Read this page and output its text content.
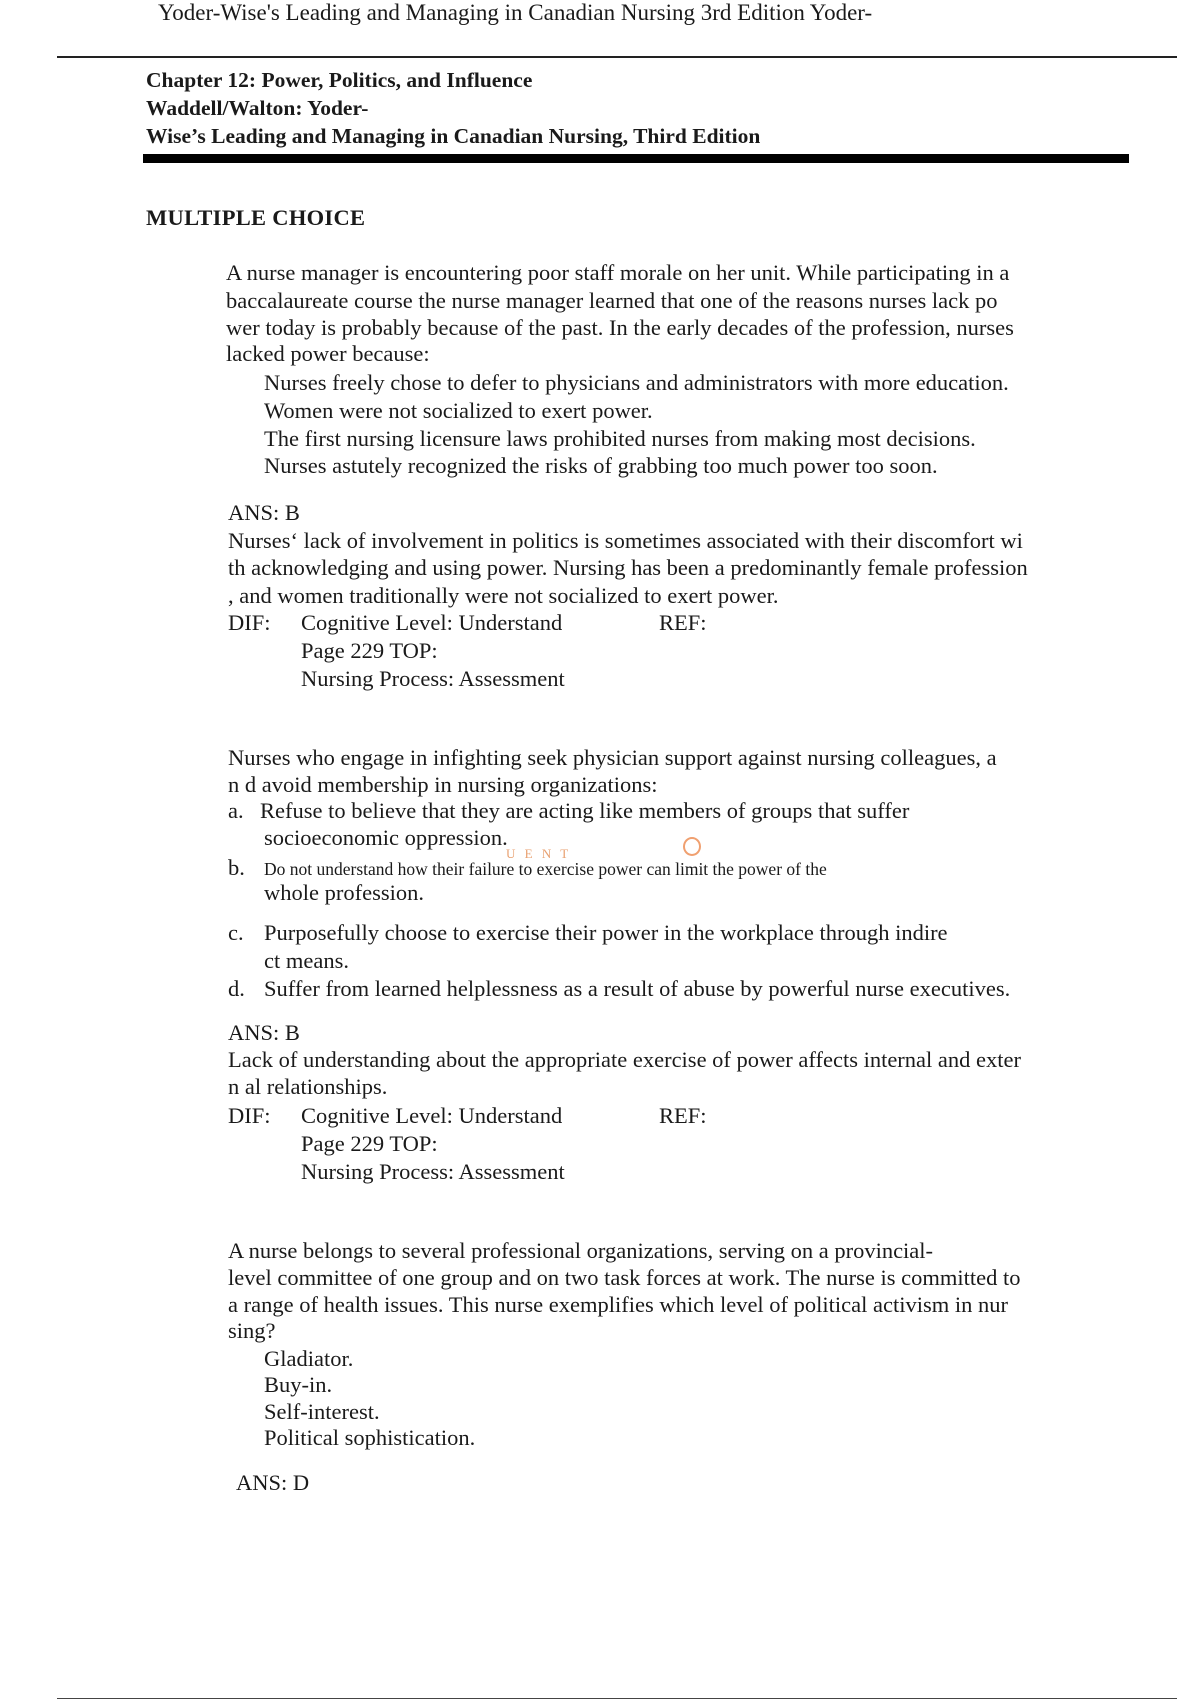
Yoder-Wise's Leading and Managing in Canadian Nursing 3rd Edition Yoder-
Chapter 12: Power, Politics, and Influence
Waddell/Walton: Yoder-
Wise’s Leading and Managing in Canadian Nursing, Third Edition
MULTIPLE CHOICE
A nurse manager is encountering poor staff morale on her unit. While participating in a
baccalaureate course the nurse manager learned that one of the reasons nurses lack po
wer today is probably because of the past. In the early decades of the profession, nurses
lacked power because:
Nurses freely chose to defer to physicians and administrators with more education.
Women were not socialized to exert power.
The first nursing licensure laws prohibited nurses from making most decisions.
Nurses astutely recognized the risks of grabbing too much power too soon.
ANS: B
Nurses‘ lack of involvement in politics is sometimes associated with their discomfort wi
th acknowledging and using power. Nursing has been a predominantly female profession
, and women traditionally were not socialized to exert power.
DIF: Cognitive Level: Understand	REF:
Page 229 TOP:
Nursing Process: Assessment
Nurses who engage in infighting seek physician support against nursing colleagues, a
n d avoid membership in nursing organizations:
a. Refuse to believe that they are acting like members of groups that suffer
socioeconomic oppression.
U E N T
b. Do not understand how their failure to exercise power can limit the power of the
whole profession.
c. Purposefully choose to exercise their power in the workplace through indire
ct means.
d. Suffer from learned helplessness as a result of abuse by powerful nurse executives.
ANS: B
Lack of understanding about the appropriate exercise of power affects internal and exter
n al relationships.
DIF: Cognitive Level: Understand	REF:
Page 229 TOP:
Nursing Process: Assessment
A nurse belongs to several professional organizations, serving on a provincial-
level committee of one group and on two task forces at work. The nurse is committed to
a range of health issues. This nurse exemplifies which level of political activism in nur
sing?
Gladiator.
Buy-in.
Self-interest.
Political sophistication.
ANS: D
